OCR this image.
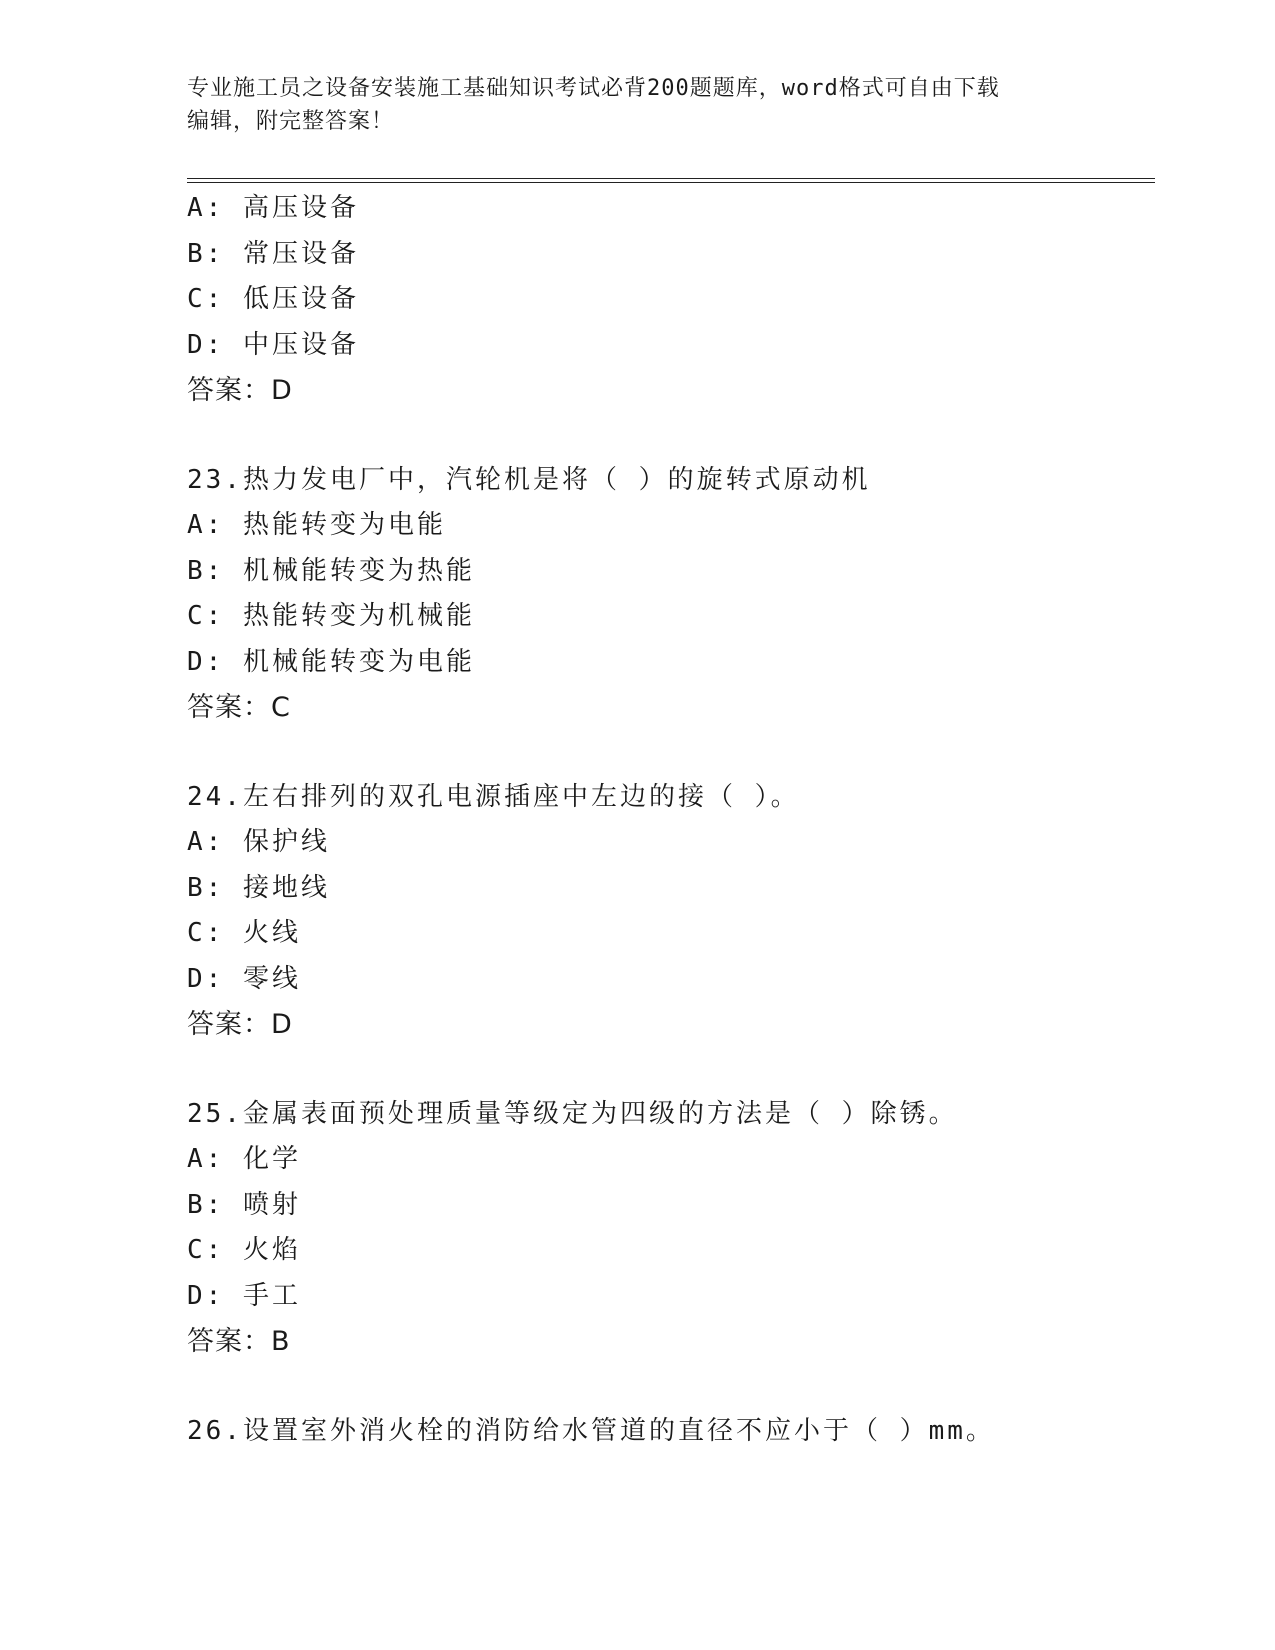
专业施工员之设备安装施工基础知识考试必背200题题库，word格式可自由下载
编辑，附完整答案！
A: 高压设备
B: 常压设备
C: 低压设备
D: 中压设备
答案：D
23.热力发电厂中，汽轮机是将（ ）的旋转式原动机
A: 热能转变为电能
B: 机械能转变为热能
C: 热能转变为机械能
D: 机械能转变为电能
答案：C
24.左右排列的双孔电源插座中左边的接（ ）。
A: 保护线
B: 接地线
C: 火线
D: 零线
答案：D
25.金属表面预处理质量等级定为四级的方法是（ ）除锈。
A: 化学
B: 喷射
C: 火焰
D: 手工
答案：B
26.设置室外消火栓的消防给水管道的直径不应小于（ ）mm。
